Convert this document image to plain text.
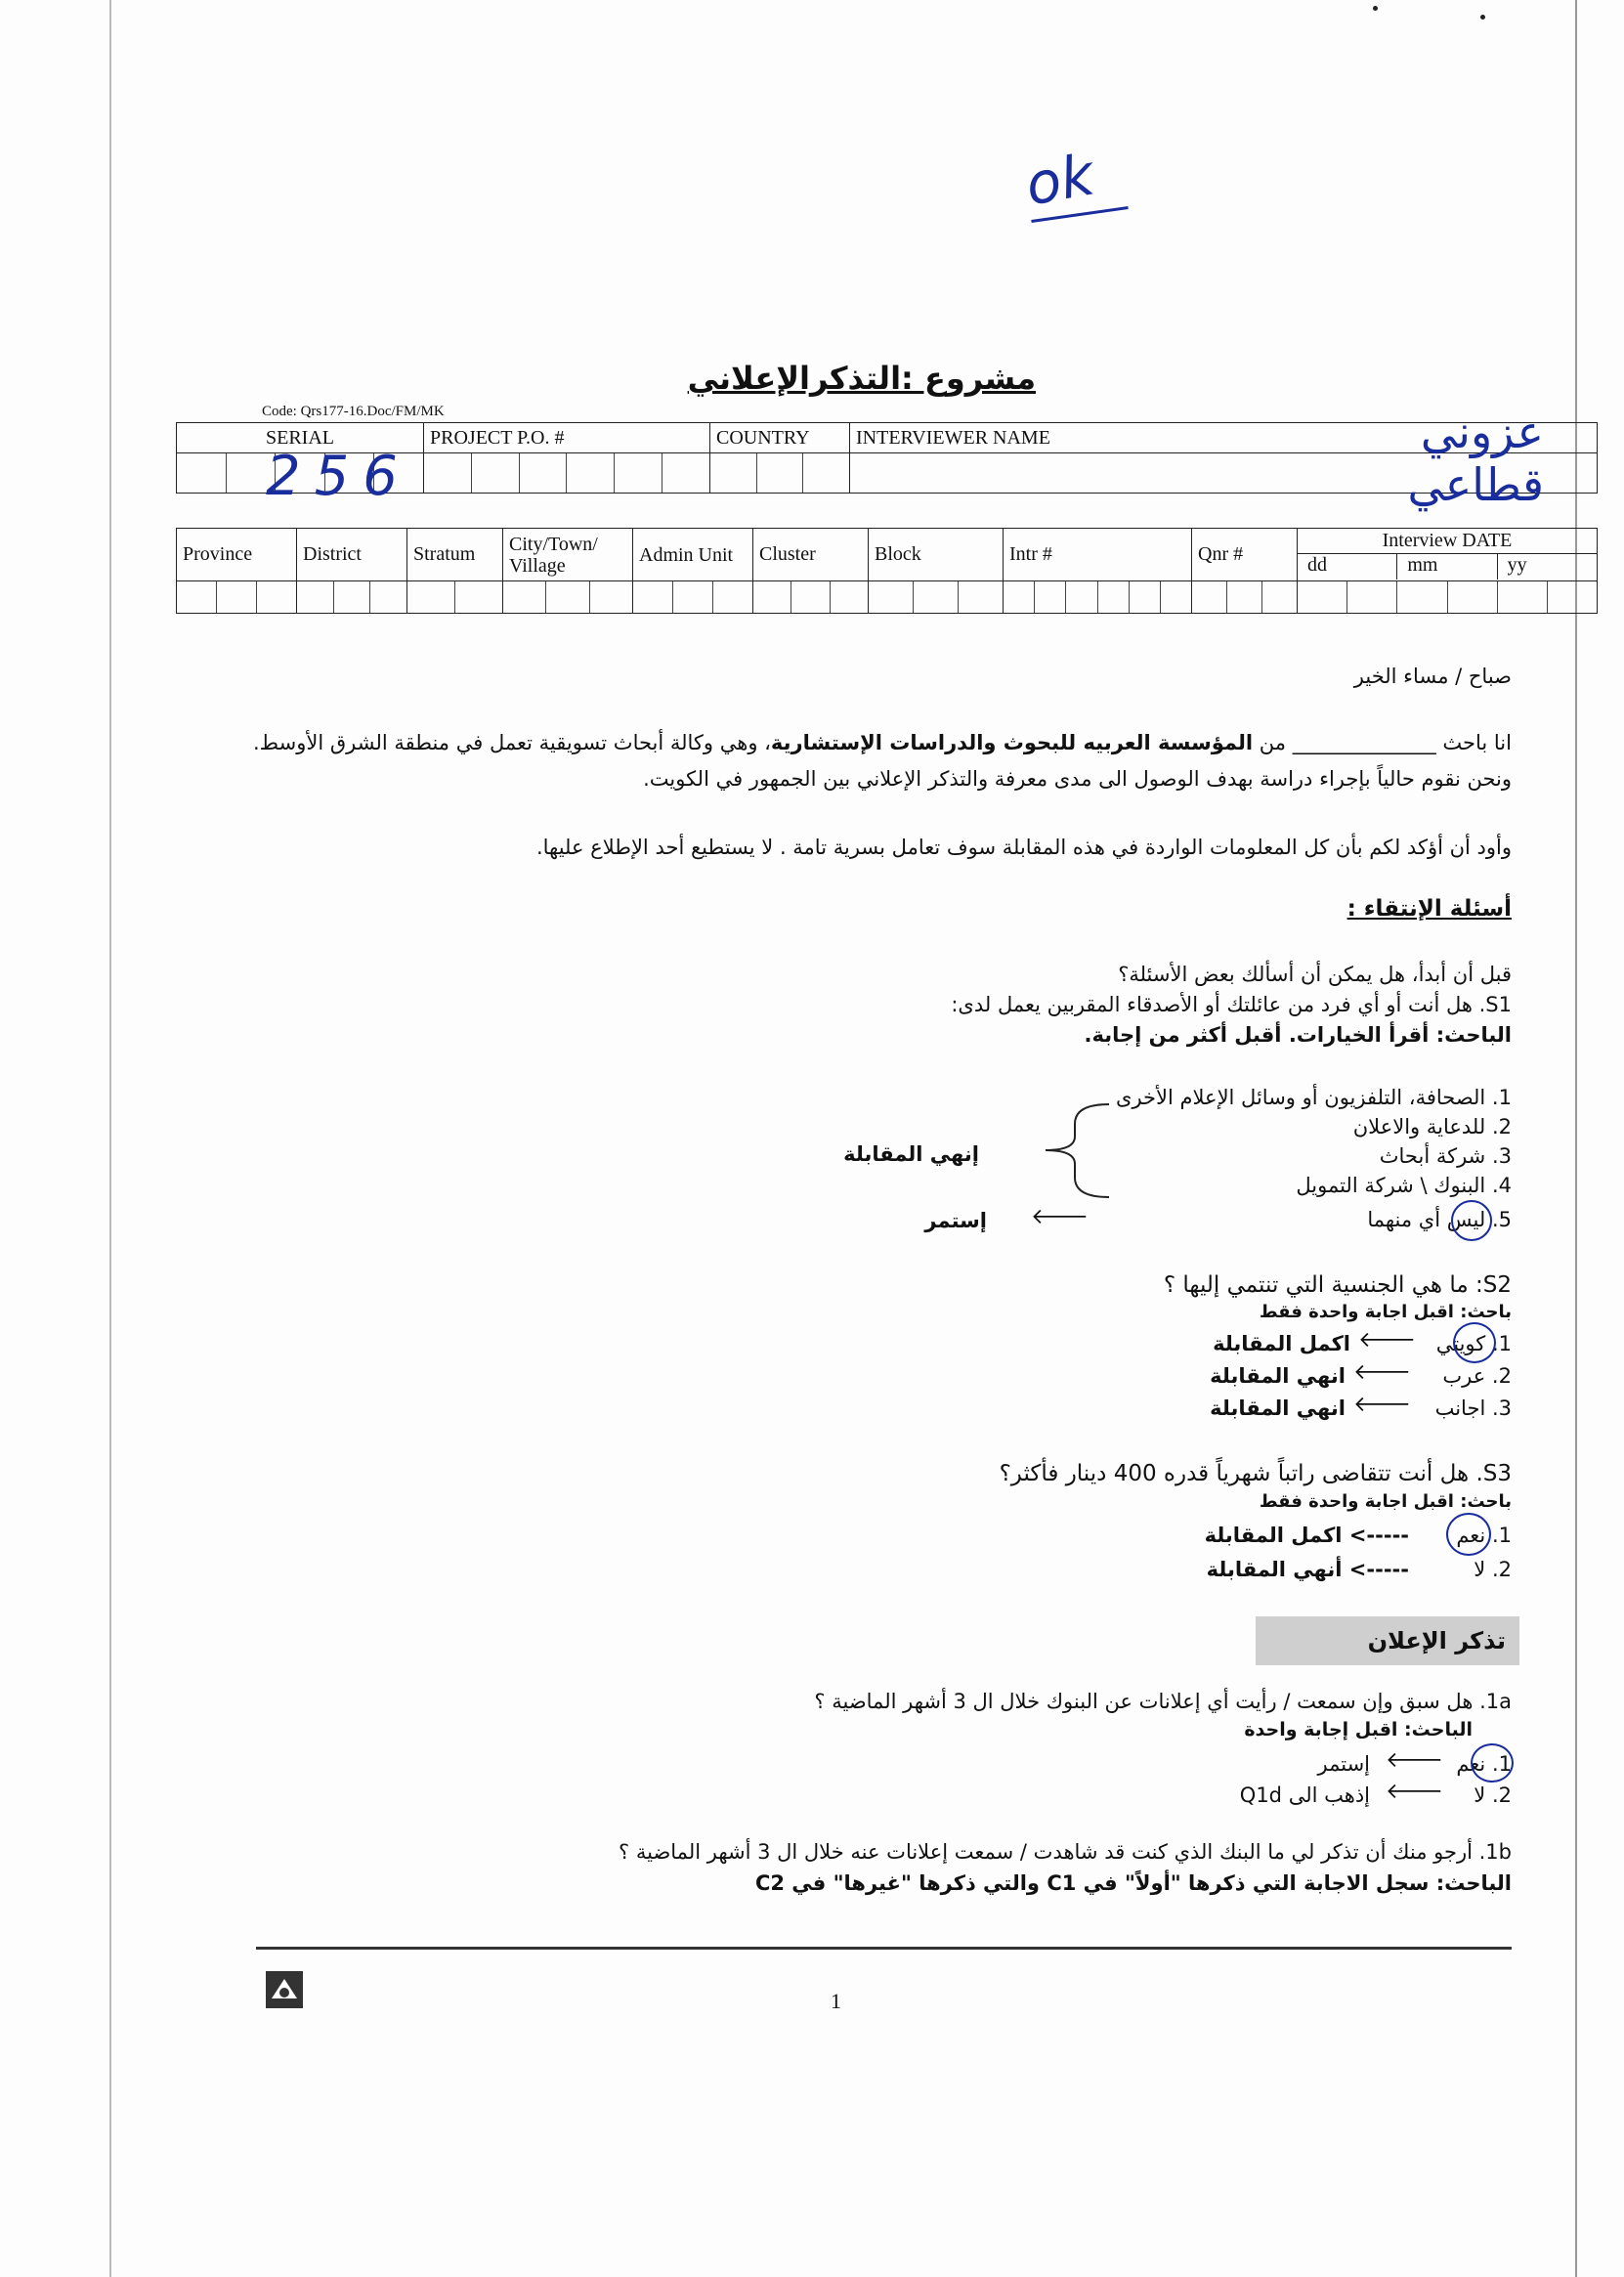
ok
مشروع :التذكرالإعلاني
Code: Qrs177-16.Doc/FM/MK
SERIAL	PROJECT P.O. #	COUNTRY	INTERVIEWER NAME

256
عزوني قطاعي
Province	District	Stratum	City/Town/ Village	Admin Unit	Cluster	Block	Intr #	Qnr #	Interview DATE
dd mm yy

صباح / مساء الخير
انا باحث ______________ من المؤسسة العربيه للبحوث والدراسات الإستشارية، وهي وكالة أبحاث تسويقية تعمل في منطقة الشرق الأوسط.
ونحن نقوم حالياً بإجراء دراسة بهدف الوصول الى مدى معرفة والتذكر الإعلاني بين الجمهور في الكويت.
وأود أن أؤكد لكم بأن كل المعلومات الواردة في هذه المقابلة سوف تعامل بسرية تامة . لا يستطيع أحد الإطلاع عليها.
أسئلة الإنتقاء :
قبل أن أبدأ، هل يمكن أن أسألك بعض الأسئلة؟
S1. هل أنت أو أي فرد من عائلتك أو الأصدقاء المقربين يعمل لدى:
الباحث: أقرأ الخيارات. أقبل أكثر من إجابة.
1. الصحافة، التلفزيون أو وسائل الإعلام الأخرى
2. للدعاية والاعلان
3. شركة أبحاث
4. البنوك \ شركة التمويل
5. ليس أي منهما
إنهي المقابلة
🡐
إستمر
S2: ما هي الجنسية التي تنتمي إليها ؟
باحث: اقبل اجابة واحدة فقط
1. كويتي
🡐
اكمل المقابلة
2. عرب
🡐
انهي المقابلة
3. اجانب
🡐
انهي المقابلة
S3. هل أنت تتقاضى راتباً شهرياً قدره 400 دينار فأكثر؟
باحث: اقبل اجابة واحدة فقط
1. نعم
-----> اكمل المقابلة
2. لا
-----> أنهي المقابلة
تذكر الإعلان
1a. هل سبق وإن سمعت / رأيت أي إعلانات عن البنوك خلال ال 3 أشهر الماضية ؟
الباحث: اقبل إجابة واحدة
1. نعم
🡐
إستمر
2. لا
🡐
إذهب الى Q1d
1b. أرجو منك أن تذكر لي ما البنك الذي كنت قد شاهدت / سمعت إعلانات عنه خلال ال 3 أشهر الماضية ؟
الباحث: سجل الاجابة التي ذكرها "أولاً" في C1 والتي ذكرها "غيرها" في C2
1
